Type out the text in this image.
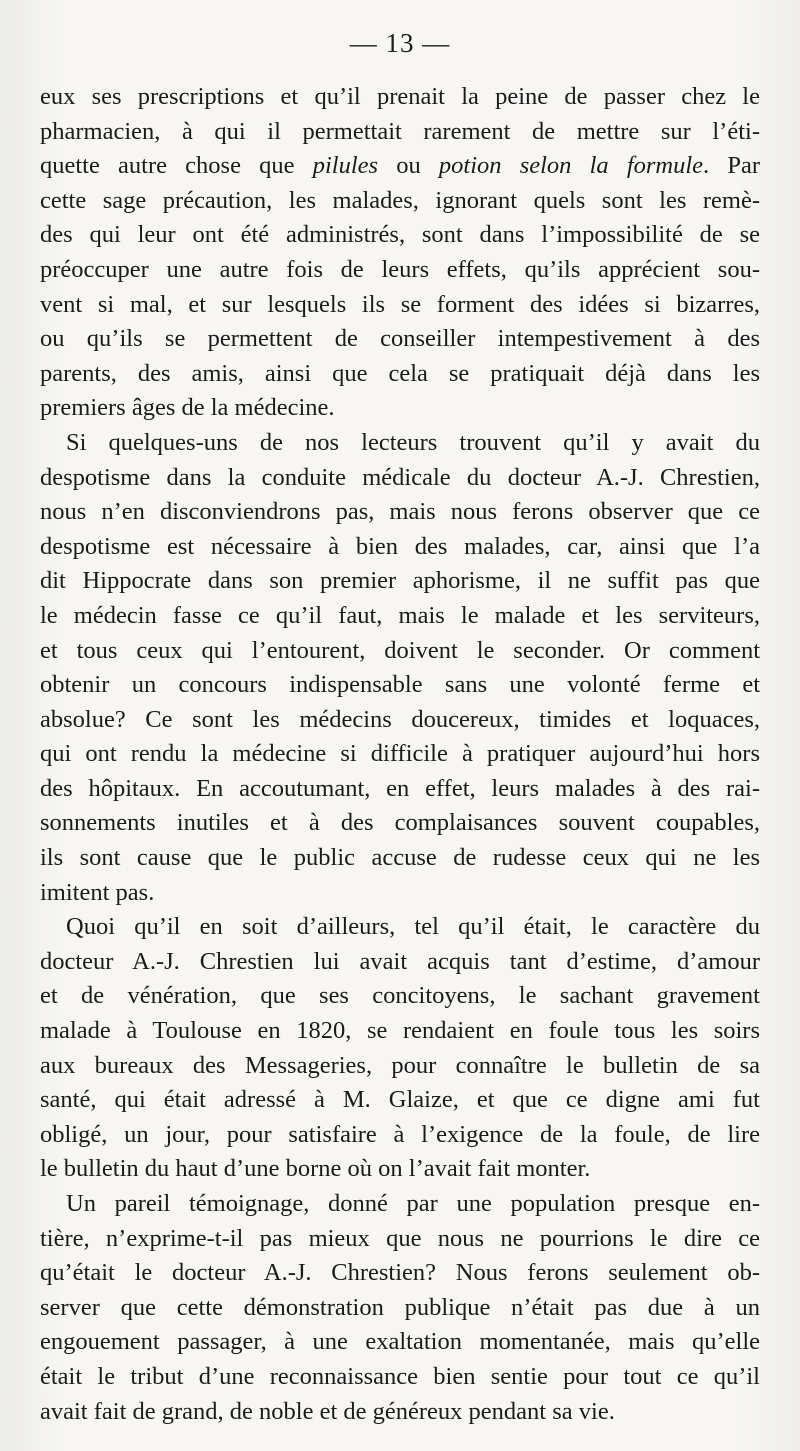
— 13 —
eux ses prescriptions et qu’il prenait la peine de passer chez le
pharmacien, à qui il permettait rarement de mettre sur l’éti-
quette autre chose que pilules ou potion selon la formule. Par
cette sage précaution, les malades, ignorant quels sont les remè-
des qui leur ont été administrés, sont dans l’impossibilité de se
préoccuper une autre fois de leurs effets, qu’ils apprécient sou-
vent si mal, et sur lesquels ils se forment des idées si bizarres,
ou qu’ils se permettent de conseiller intempestivement à des
parents, des amis, ainsi que cela se pratiquait déjà dans les
premiers âges de la médecine.
Si quelques-uns de nos lecteurs trouvent qu’il y avait du
despotisme dans la conduite médicale du docteur A.-J. Chrestien,
nous n’en disconviendrons pas, mais nous ferons observer que ce
despotisme est nécessaire à bien des malades, car, ainsi que l’a
dit Hippocrate dans son premier aphorisme, il ne suffit pas que
le médecin fasse ce qu’il faut, mais le malade et les serviteurs,
et tous ceux qui l’entourent, doivent le seconder. Or comment
obtenir un concours indispensable sans une volonté ferme et
absolue? Ce sont les médecins doucereux, timides et loquaces,
qui ont rendu la médecine si difficile à pratiquer aujourd’hui hors
des hôpitaux. En accoutumant, en effet, leurs malades à des rai-
sonnements inutiles et à des complaisances souvent coupables,
ils sont cause que le public accuse de rudesse ceux qui ne les
imitent pas.
Quoi qu’il en soit d’ailleurs, tel qu’il était, le caractère du
docteur A.-J. Chrestien lui avait acquis tant d’estime, d’amour
et de vénération, que ses concitoyens, le sachant gravement
malade à Toulouse en 1820, se rendaient en foule tous les soirs
aux bureaux des Messageries, pour connaître le bulletin de sa
santé, qui était adressé à M. Glaize, et que ce digne ami fut
obligé, un jour, pour satisfaire à l’exigence de la foule, de lire
le bulletin du haut d’une borne où on l’avait fait monter.
Un pareil témoignage, donné par une population presque en-
tière, n’exprime-t-il pas mieux que nous ne pourrions le dire ce
qu’était le docteur A.-J. Chrestien? Nous ferons seulement ob-
server que cette démonstration publique n’était pas due à un
engouement passager, à une exaltation momentanée, mais qu’elle
était le tribut d’une reconnaissance bien sentie pour tout ce qu’il
avait fait de grand, de noble et de généreux pendant sa vie.
